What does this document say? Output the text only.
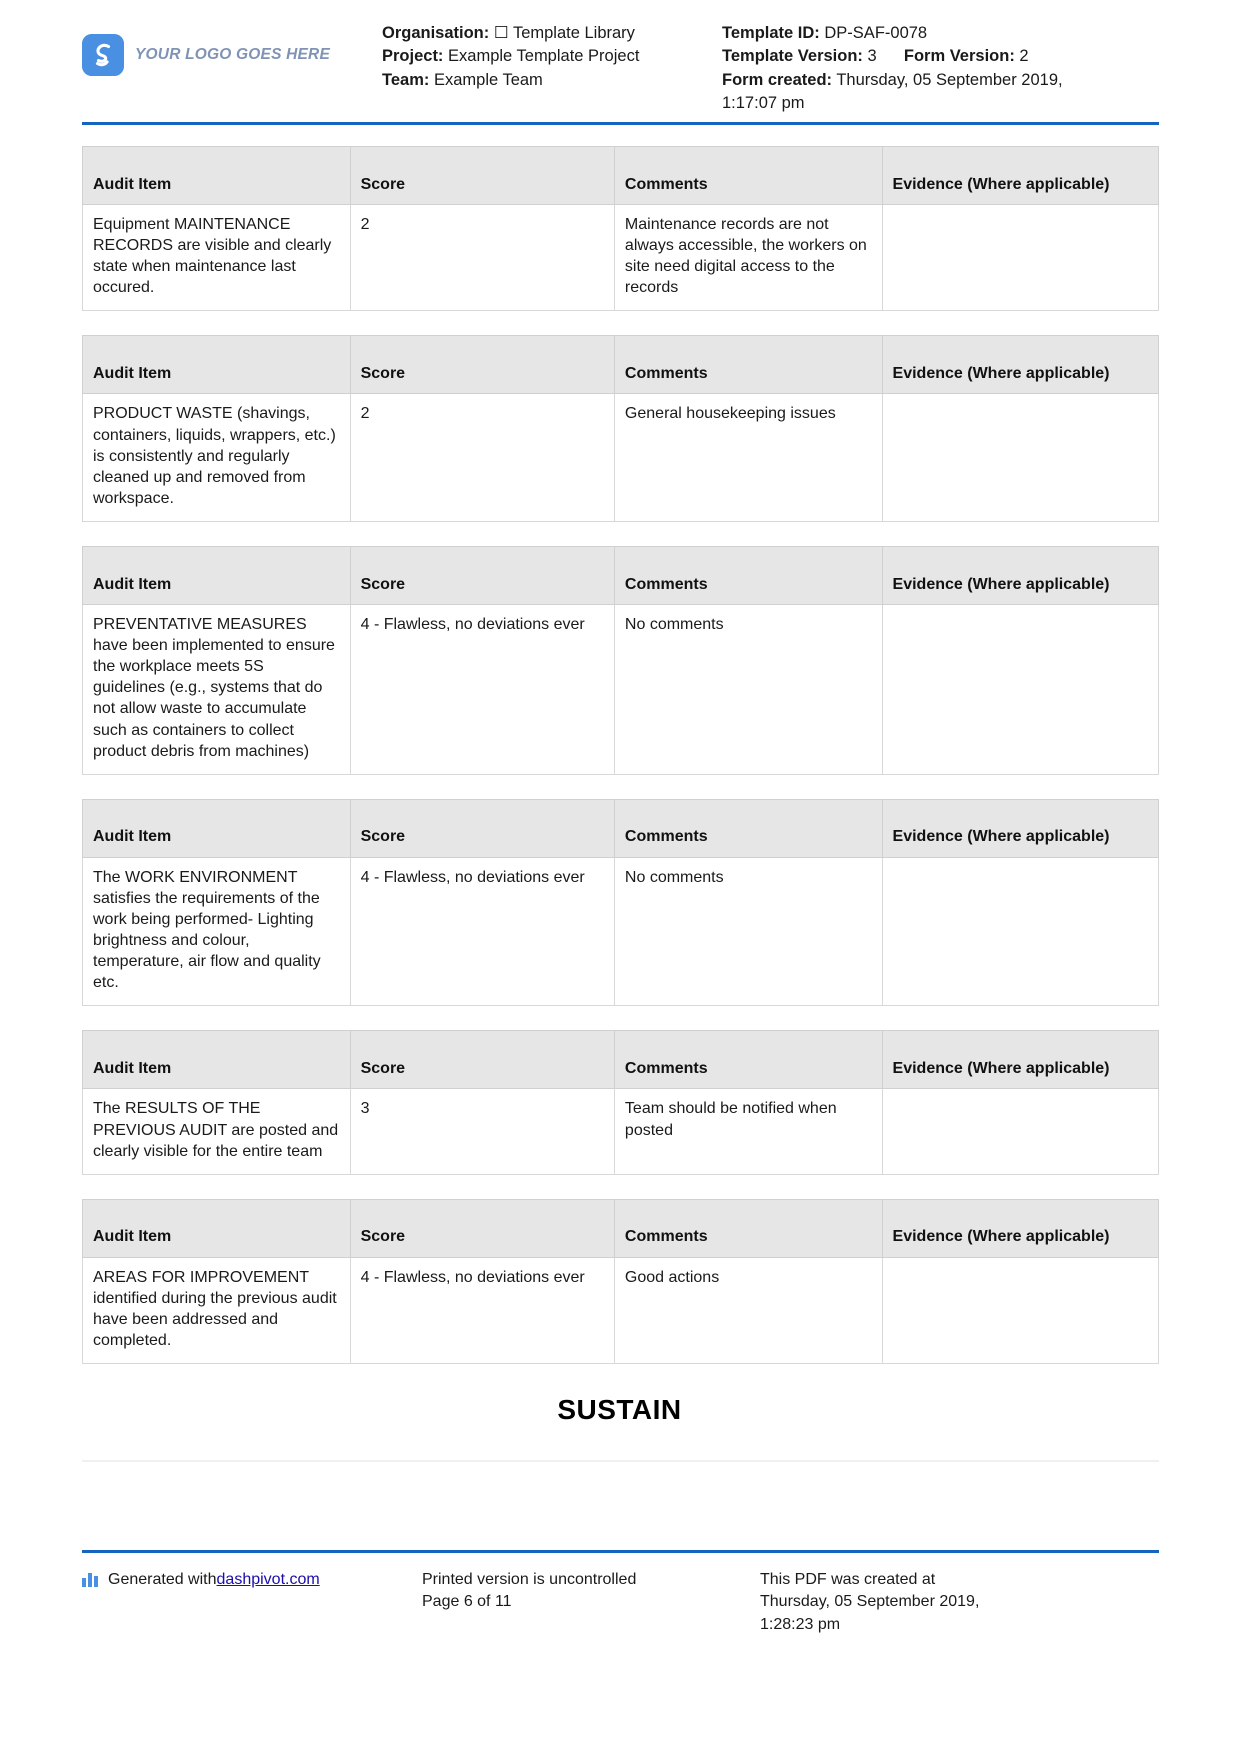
YOUR LOGO GOES HERE
Organisation: ☐ Template Library
Project: Example Template Project
Team: Example Team
Template ID: DP-SAF-0078
Template Version: 3 Form Version: 2
Form created: Thursday, 05 September 2019,
1:17:07 pm
Audit Item	Score	Comments	Evidence (Where applicable)
Equipment MAINTENANCE RECORDS are visible and clearly state when maintenance last occured.	2	Maintenance records are not always accessible, the workers on site need digital access to the records	
Audit Item	Score	Comments	Evidence (Where applicable)
PRODUCT WASTE (shavings, containers, liquids, wrappers, etc.) is consistently and regularly cleaned up and removed from workspace.	2	General housekeeping issues	
Audit Item	Score	Comments	Evidence (Where applicable)
PREVENTATIVE MEASURES have been implemented to ensure the workplace meets 5S guidelines (e.g., systems that do not allow waste to accumulate such as containers to collect product debris from machines)	4 - Flawless, no deviations ever	No comments	
Audit Item	Score	Comments	Evidence (Where applicable)
The WORK ENVIRONMENT satisfies the requirements of the work being performed- Lighting brightness and colour, temperature, air flow and quality etc.	4 - Flawless, no deviations ever	No comments	
Audit Item	Score	Comments	Evidence (Where applicable)
The RESULTS OF THE PREVIOUS AUDIT are posted and clearly visible for the entire team	3	Team should be notified when posted	
Audit Item	Score	Comments	Evidence (Where applicable)
AREAS FOR IMPROVEMENT identified during the previous audit have been addressed and completed.	4 - Flawless, no deviations ever	Good actions	
SUSTAIN
Generated with dashpivot.com	Printed version is uncontrolled
Page 6 of 11
This PDF was created at
Thursday, 05 September 2019,
1:28:23 pm
